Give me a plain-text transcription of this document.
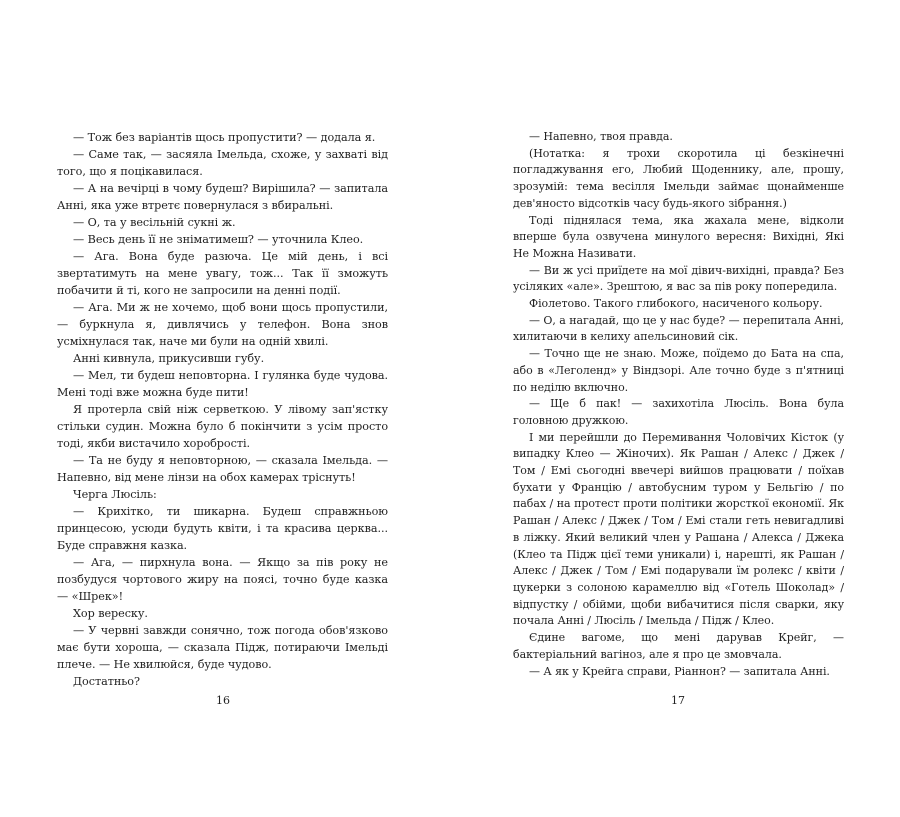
— Тож без варіантів щось пропустити? — додала я.

— Саме так, — засяяла Імельда, схоже, у захваті від того, що я поцікавилася.

— А на вечірці в чому будеш? Вирішила? — запитала Анні, яка уже втретє повернулася з вбиральні.

— О, та у весільній сукні ж.

— Весь день її не зніматимеш? — уточнила Клео.

— Ага. Вона буде разюча. Це мій день, і всі звертатимуть на мене увагу, тож... Так її зможуть побачити й ті, кого не запросили на денні події.

— Ага. Ми ж не хочемо, щоб вони щось пропустили, — буркнула я, дивлячись у телефон. Вона знов усміхнулася так, наче ми були на одній хвилі.

Анні кивнула, прикусивши губу.

— Мел, ти будеш неповторна. І гулянка буде чудова. Мені тоді вже можна буде пити!

Я протерла свій ніж серветкою. У лівому зап'ястку стільки судин. Можна було б покінчити з усім просто тоді, якби вистачило хоробрості.

— Та не буду я неповторною, — сказала Імельда. — Напевно, від мене лінзи на обох камерах тріснуть!

Черга Люсіль:

— Крихітко, ти шикарна. Будеш справжньою принцесою, усюди будуть квіти, і та красива церква... Буде справжня казка.

— Ага, — пирхнула вона. — Якщо за пів року не позбудуся чортового жиру на поясі, точно буде казка — «Шрек»!

Хор вереску.

— У червні завжди сонячно, тож погода обов'язково має бути хороша, — сказала Підж, потираючи Імельді плече. — Не хвилюйся, буде чудово.

Достатньо?

16

— Напевно, твоя правда.

(Нотатка: я трохи скоротила ці безкінечні погладжування его, Любий Щоденнику, але, прошу, зрозумій: тема весілля Імельди займає щонайменше дев'яносто відсотків часу будь-якого зібрання.)

Тоді піднялася тема, яка жахала мене, відколи вперше була озвучена минулого вересня: Вихідні, Які Не Можна Називати.

— Ви ж усі приїдете на мої дівич-вихідні, правда? Без усіляких «але». Зрештою, я вас за пів року попередила.

Фіолетово. Такого глибокого, насиченого кольору.

— О, а нагадай, що це у нас буде? — перепитала Анні, хилитаючи в келиху апельсиновий сік.

— Точно ще не знаю. Може, поїдемо до Бата на спа, або в «Леголенд» у Віндзорі. Але точно буде з п'ятниці по неділю включно.

— Ще б пак! — захихотіла Люсіль. Вона була головною дружкою.

І ми перейшли до Перемивання Чоловічих Кісток (у випадку Клео — Жіночих). Як Рашан / Алекс / Джек / Том / Емі сьогодні ввечері вийшов працювати / поїхав бухати у Францію / автобусним туром у Бельгію / по пабах / на протест проти політики жорсткої економії. Як Рашан / Алекс / Джек / Том / Емі стали геть невигадливі в ліжку. Який великий член у Рашана / Алекса / Джека (Клео та Підж цієї теми уникали) і, нарешті, як Рашан / Алекс / Джек / Том / Емі подарували їм ролекс / квіти / цукерки з солоною карамеллю від «Готель Шоколад» / відпустку / обійми, щоби вибачитися після сварки, яку почала Анні / Люсіль / Імельда / Підж / Клео.

Єдине вагоме, що мені дарував Крейг, — бактеріальний вагіноз, але я про це змовчала.

— А як у Крейга справи, Ріаннон? — запитала Анні.

17
